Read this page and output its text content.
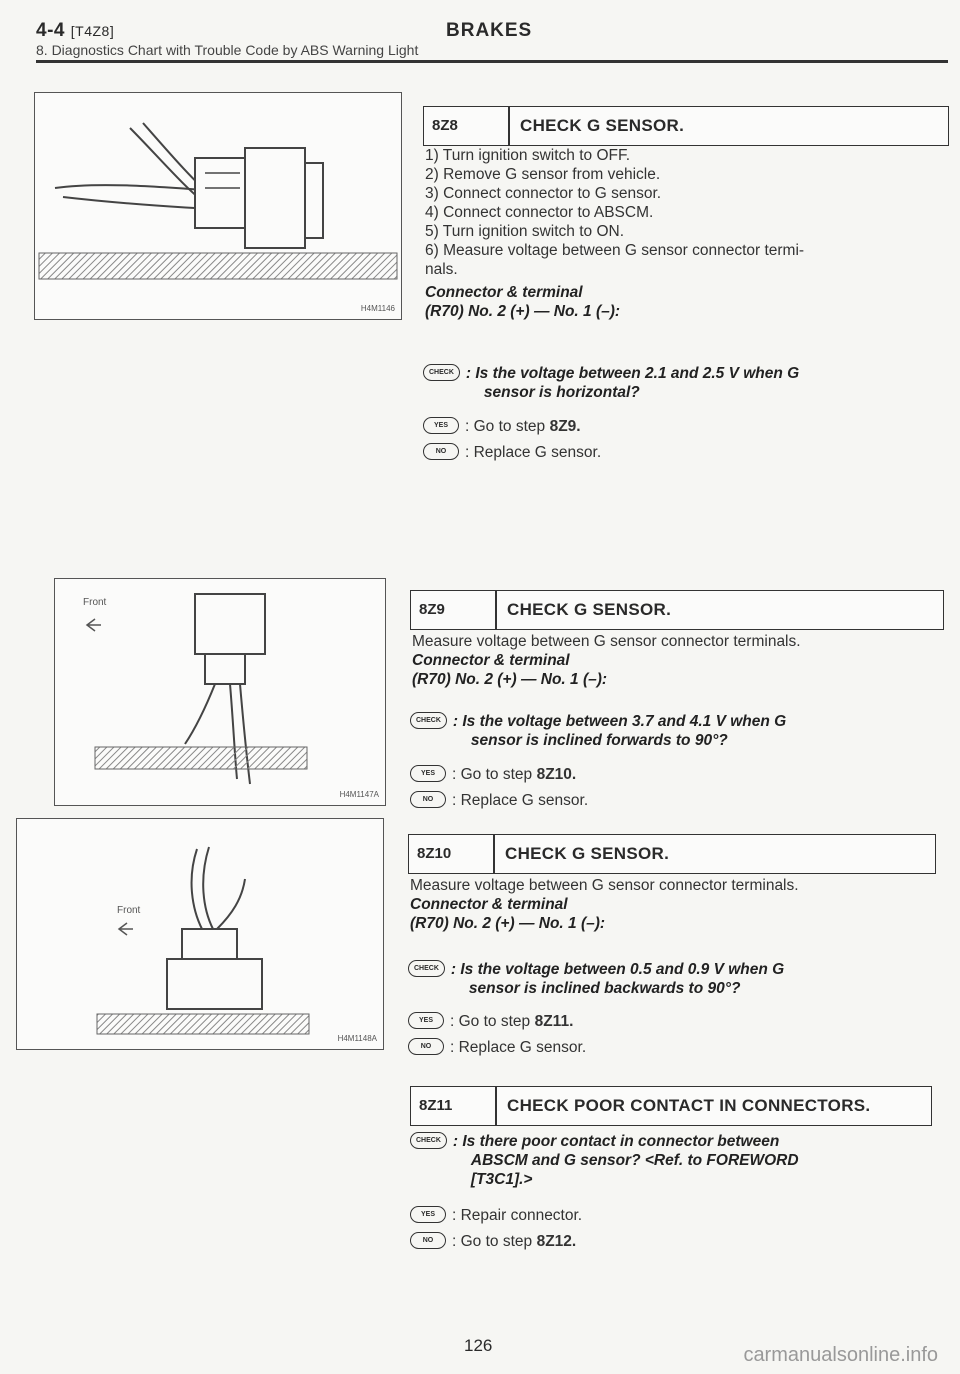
4-4 [T4Z8]	BRAKES
8. Diagnostics Chart with Trouble Code by ABS Warning Light
H4M1146
Front
H4M1147A
Front
H4M1148A
8Z8	CHECK G SENSOR.
1) Turn ignition switch to OFF.
2) Remove G sensor from vehicle.
3) Connect connector to G sensor.
4) Connect connector to ABSCM.
5) Turn ignition switch to ON.
6) Measure voltage between G sensor connector termi-
nals.
Connector & terminal
(R70) No. 2 (+) — No. 1 (–):
CHECK : Is the voltage between 2.1 and 2.5 V when G
sensor is horizontal?
YES	: Go to step
8Z9.
NO	: Replace G sensor.
8Z9	CHECK G SENSOR.
Measure voltage between G sensor connector terminals.
Connector & terminal
(R70) No. 2 (+) — No. 1 (–):
CHECK : Is the voltage between 3.7 and 4.1 V when G
sensor is inclined forwards to 90°?
YES	: Go to step
8Z10.
NO	: Replace G sensor.
8Z10	CHECK G SENSOR.
Measure voltage between G sensor connector terminals.
Connector & terminal
(R70) No. 2 (+) — No. 1 (–):
CHECK : Is the voltage between 0.5 and 0.9 V when G
sensor is inclined backwards to 90°?
YES	: Go to step
8Z11.
NO	: Replace G sensor.
8Z11	CHECK POOR CONTACT IN CONNECTORS.
CHECK : Is there poor contact in connector between
ABSCM and G sensor? <Ref. to FOREWORD
[T3C1].>
YES	: Repair connector.
NO	: Go to step
8Z12.
126	carmanualsonline.info
